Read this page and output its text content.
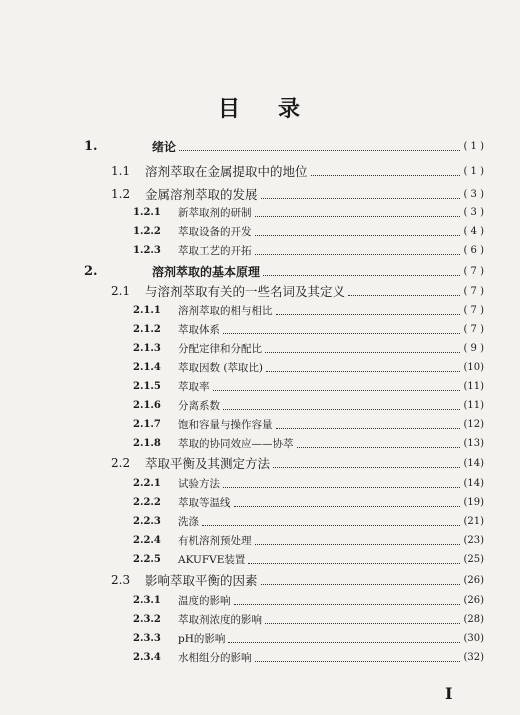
目 录
1.	绪论	( 1 )
1.1 溶剂萃取在金属提取中的地位	( 1 )
1.2 金属溶剂萃取的发展	( 3 )
1.2.1 新萃取剂的研制	( 3 )
1.2.2 萃取设备的开发	( 4 )
1.2.3 萃取工艺的开拓	( 6 )
2.	溶剂萃取的基本原理	( 7 )
2.1 与溶剂萃取有关的一些名词及其定义	( 7 )
2.1.1 溶剂萃取的相与相比	( 7 )
2.1.2 萃取体系	( 7 )
2.1.3 分配定律和分配比	( 9 )
2.1.4 萃取因数 (萃取比)	(10)
2.1.5 萃取率	(11)
2.1.6 分离系数	(11)
2.1.7 饱和容量与操作容量	(12)
2.1.8 萃取的协同效应——协萃	(13)
2.2 萃取平衡及其测定方法	(14)
2.2.1 试验方法	(14)
2.2.2 萃取等温线	(19)
2.2.3 洗涤	(21)
2.2.4 有机溶剂预处理	(23)
2.2.5 AKUFVE装置	(25)
2.3 影响萃取平衡的因素	(26)
2.3.1 温度的影响	(26)
2.3.2 萃取剂浓度的影响	(28)
2.3.3 pH的影响	(30)
2.3.4 水相组分的影响	(32)
I
